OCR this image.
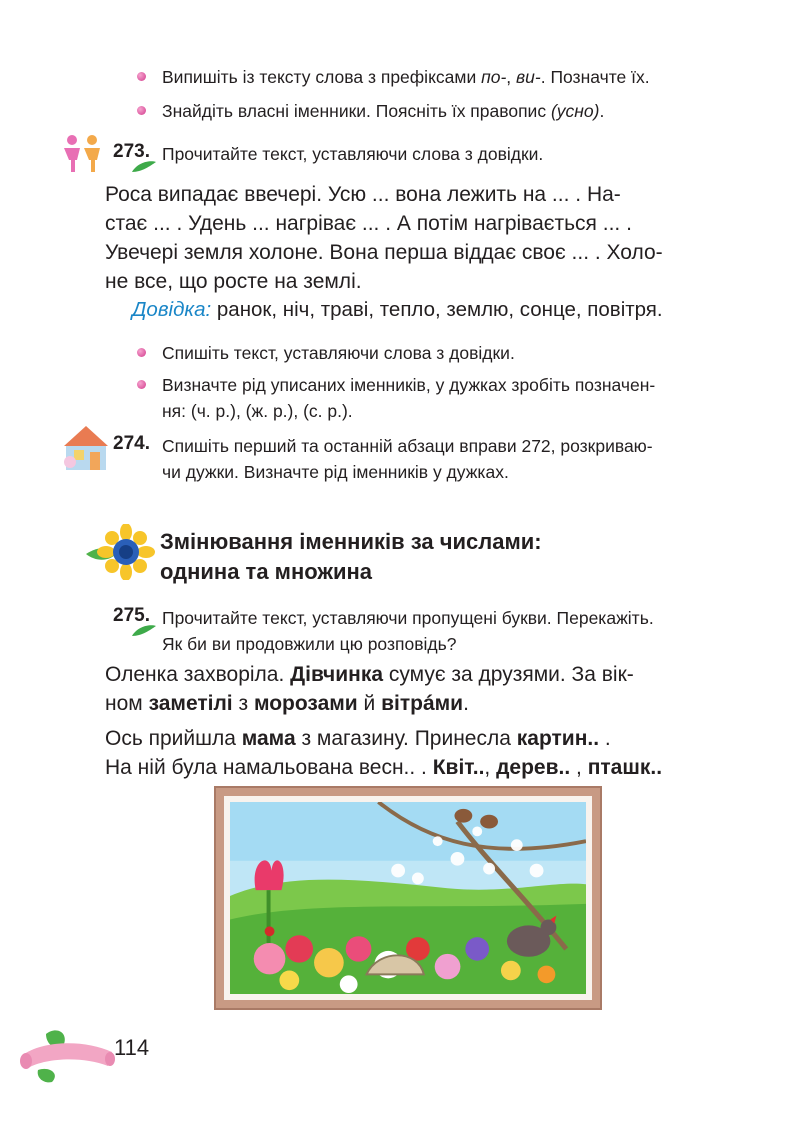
Випишіть із тексту слова з префіксами по-, ви-. Позначте їх.
Знайдіть власні іменники. Поясніть їх правопис (усно).
273. Прочитайте текст, уставляючи слова з довідки.
Роса випадає ввечері. Усю ... вона лежить на ... . На-
стає ... . Удень ... нагріває ... . А потім нагрівається ... .
Увечері земля холоне. Вона перша віддає своє ... . Холо-
не все, що росте на землі.
Довідка: ранок, ніч, траві, тепло, землю, сонце, повітря.
Спишіть текст, уставляючи слова з довідки.
Визначте рід уписаних іменників, у дужках зробіть позначен-
ня: (ч. р.), (ж. р.), (с. р.).
274. Спишіть перший та останній абзаци вправи 272, розкриваю-
чи дужки. Визначте рід іменників у дужках.
Змінювання іменників за числами:
однина та множина
275. Прочитайте текст, уставляючи пропущені букви. Перекажіть.
Як би ви продовжили цю розповідь?
Оленка захворіла. Дівчинка сумує за друзями. За вік-
ном заметілі з морозами й вітрáми.
Ось прийшла мама з магазину. Принесла картин.. .
На ній була намальована весн.. . Квіт.., дерев.. , пташк..
114
